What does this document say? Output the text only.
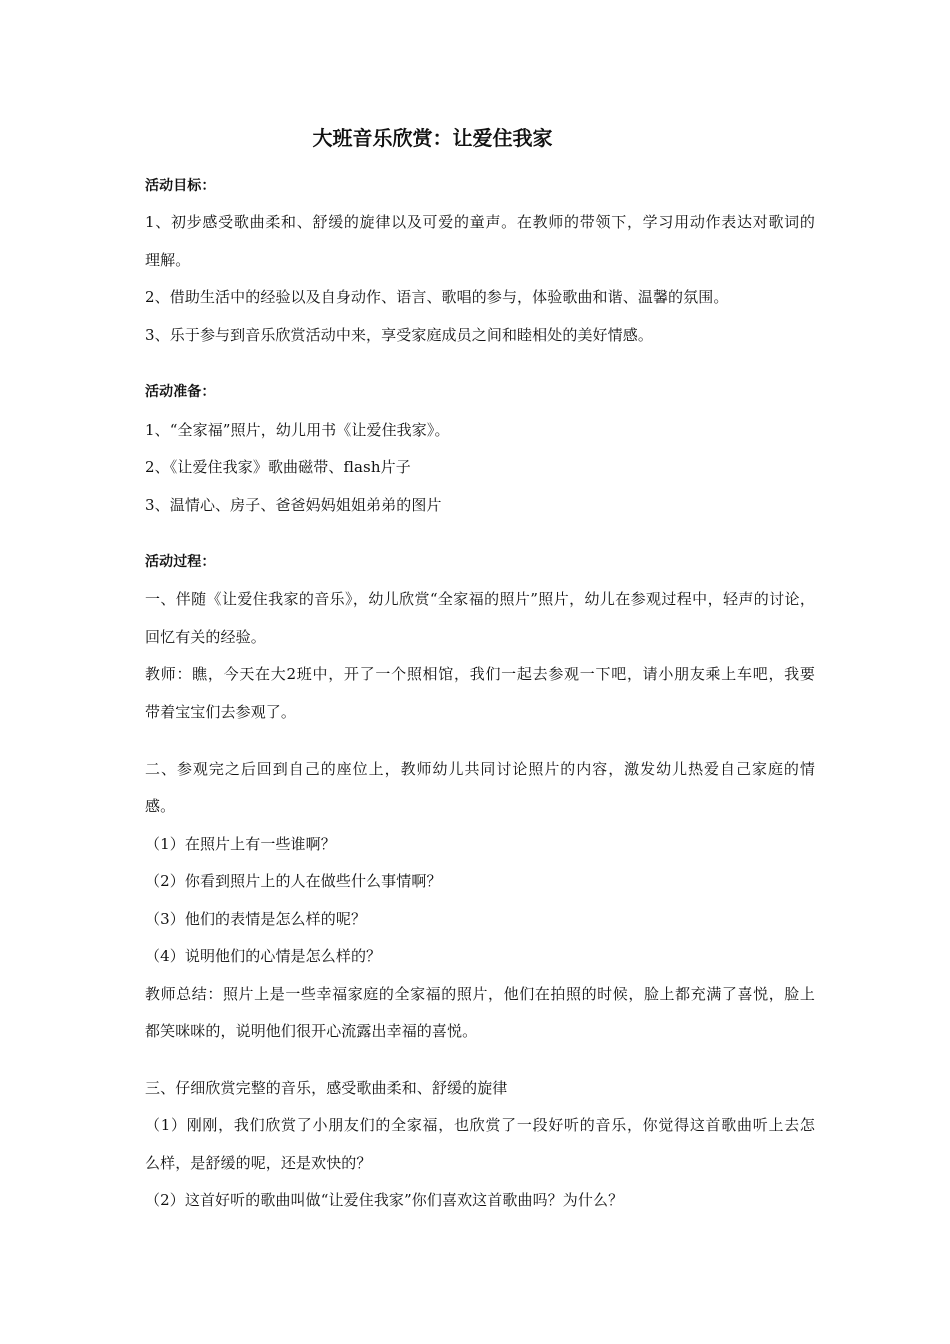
大班音乐欣赏：让爱住我家
活动目标：
1、初步感受歌曲柔和、舒缓的旋律以及可爱的童声。在教师的带领下，学习用动作表达对歌词的
理解。
2、借助生活中的经验以及自身动作、语言、歌唱的参与，体验歌曲和谐、温馨的氛围。
3、乐于参与到音乐欣赏活动中来，享受家庭成员之间和睦相处的美好情感。
活动准备：
1、“全家福”照片，幼儿用书《让爱住我家》。
2、《让爱住我家》歌曲磁带、flash片子
3、温情心、房子、爸爸妈妈姐姐弟弟的图片
活动过程：
一、伴随《让爱住我家的音乐》，幼儿欣赏“全家福的照片”照片，幼儿在参观过程中，轻声的讨论，
回忆有关的经验。
教师：瞧，今天在大2班中，开了一个照相馆，我们一起去参观一下吧，请小朋友乘上车吧，我要
带着宝宝们去参观了。
二、参观完之后回到自己的座位上，教师幼儿共同讨论照片的内容，激发幼儿热爱自己家庭的情
感。
（1）在照片上有一些谁啊？
（2）你看到照片上的人在做些什么事情啊？
（3）他们的表情是怎么样的呢？
（4）说明他们的心情是怎么样的？
教师总结：照片上是一些幸福家庭的全家福的照片，他们在拍照的时候，脸上都充满了喜悦，脸上
都笑咪咪的，说明他们很开心流露出幸福的喜悦。
三、仔细欣赏完整的音乐，感受歌曲柔和、舒缓的旋律
（1）刚刚，我们欣赏了小朋友们的全家福，也欣赏了一段好听的音乐，你觉得这首歌曲听上去怎
么样，是舒缓的呢，还是欢快的？
（2）这首好听的歌曲叫做“让爱住我家”你们喜欢这首歌曲吗？为什么？
